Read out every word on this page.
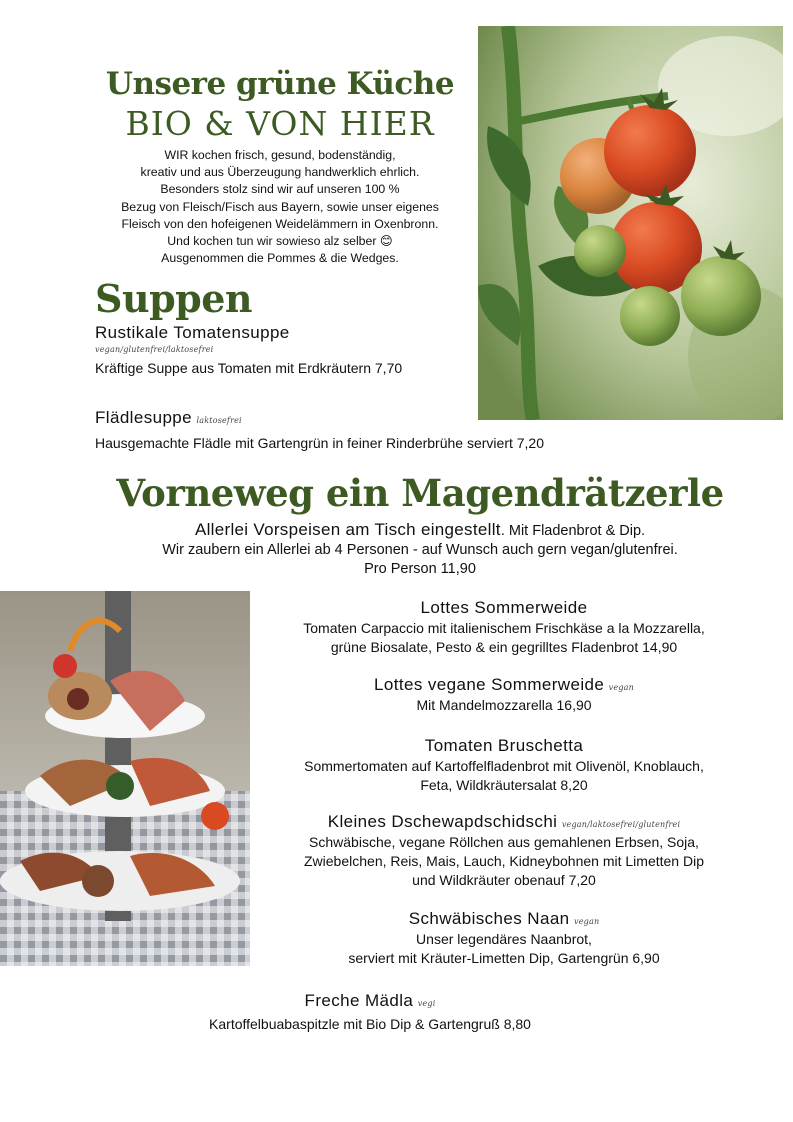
Unsere grüne Küche
BIO & VON HIER
WIR kochen frisch, gesund, bodenständig,
kreativ und aus Überzeugung handwerklich ehrlich.
Besonders stolz sind wir auf unseren 100 %
Bezug von Fleisch/Fisch aus Bayern, sowie unser eigenes
Fleisch von den hofeigenen Weidelämmern in Oxenbronn.
Und kochen tun wir sowieso alz selber 😊
Ausgenommen die Pommes & die Wedges.
Suppen
Rustikale Tomatensuppe
vegan/glutenfrei/laktosefrei
Kräftige Suppe aus Tomaten mit Erdkräutern 7,70
Flädlesuppe laktosefrei
Hausgemachte Flädle mit Gartengrün in feiner Rinderbrühe serviert 7,20
Vorneweg ein Magendrätzerle
Allerlei Vorspeisen am Tisch eingestellt. Mit Fladenbrot & Dip.
Wir zaubern ein Allerlei ab 4 Personen - auf Wunsch auch gern vegan/glutenfrei.
Pro Person 11,90
Lottes Sommerweide
Tomaten Carpaccio mit italienischem Frischkäse a la Mozzarella,
grüne Biosalate, Pesto & ein gegrilltes Fladenbrot 14,90
Lottes vegane Sommerweide vegan
Mit Mandelmozzarella 16,90
Tomaten Bruschetta
Sommertomaten auf Kartoffelfladenbrot mit Olivenöl, Knoblauch,
Feta, Wildkräutersalat 8,20
Kleines Dschewapdschidschi vegan/laktosefrei/glutenfrei
Schwäbische, vegane Röllchen aus gemahlenen Erbsen, Soja,
Zwiebelchen, Reis, Mais, Lauch, Kidneybohnen mit Limetten Dip
und Wildkräuter obenauf 7,20
Schwäbisches Naan vegan
Unser legendäres Naanbrot,
serviert mit Kräuter-Limetten Dip, Gartengrün 6,90
Freche Mädla vegi
Kartoffelbuabaspitzle mit Bio Dip & Gartengruß 8,80
